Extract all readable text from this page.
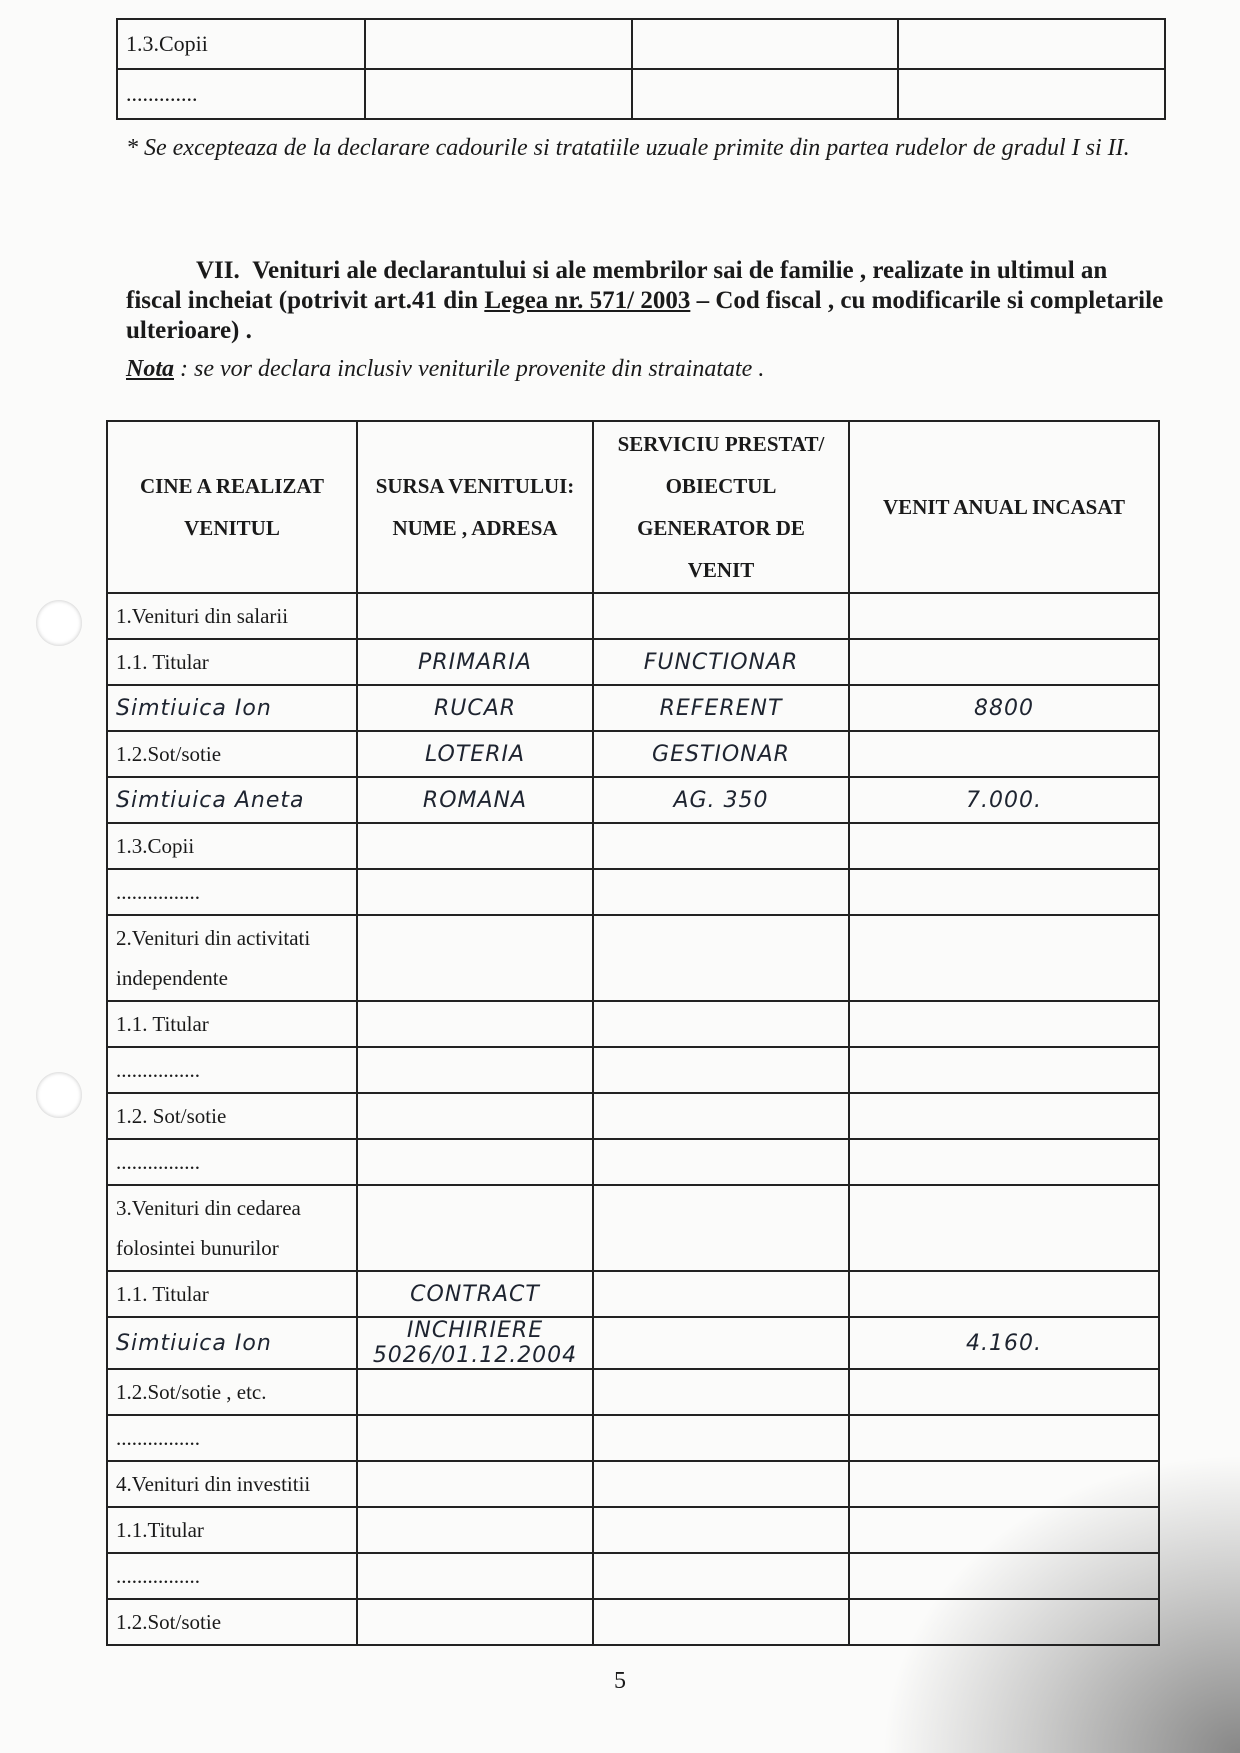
1.3.Copii			
.............			

* Se excepteaza de la declarare cadourile si tratatiile uzuale primite din partea rudelor de gradul I si II.

VII. Venituri ale declarantului si ale membrilor sai de familie , realizate in ultimul an fiscal incheiat (potrivit art.41 din Legea nr. 571/ 2003 – Cod fiscal , cu modificarile si completarile ulterioare) .

Nota : se vor declara inclusiv veniturile provenite din strainatate .

CINE A REALIZAT VENITUL	SURSA VENITULUI: NUME , ADRESA	SERVICIU PRESTAT/ OBIECTUL GENERATOR DE VENIT	VENIT ANUAL INCASAT
1.Venituri din salarii			
1.1. Titular	PRIMARIA	FUNCTIONAR	
Simtiuica Ion	RUCAR	REFERENT	8800
1.2.Sot/sotie	LOTERIA	GESTIONAR	
Simtiuica Aneta	ROMANA	AG. 350	7.000.
1.3.Copii			
................			
2.Venituri din activitati independente			
1.1. Titular			
................			
1.2. Sot/sotie			
................			
3.Venituri din cedarea folosintei bunurilor			
1.1. Titular	CONTRACT		
Simtiuica Ion	INCHIRIERE 5026/01.12.2004		4.160.
1.2.Sot/sotie , etc.			
................			
4.Venituri din investitii			
1.1.Titular			
................			
1.2.Sot/sotie			
5
